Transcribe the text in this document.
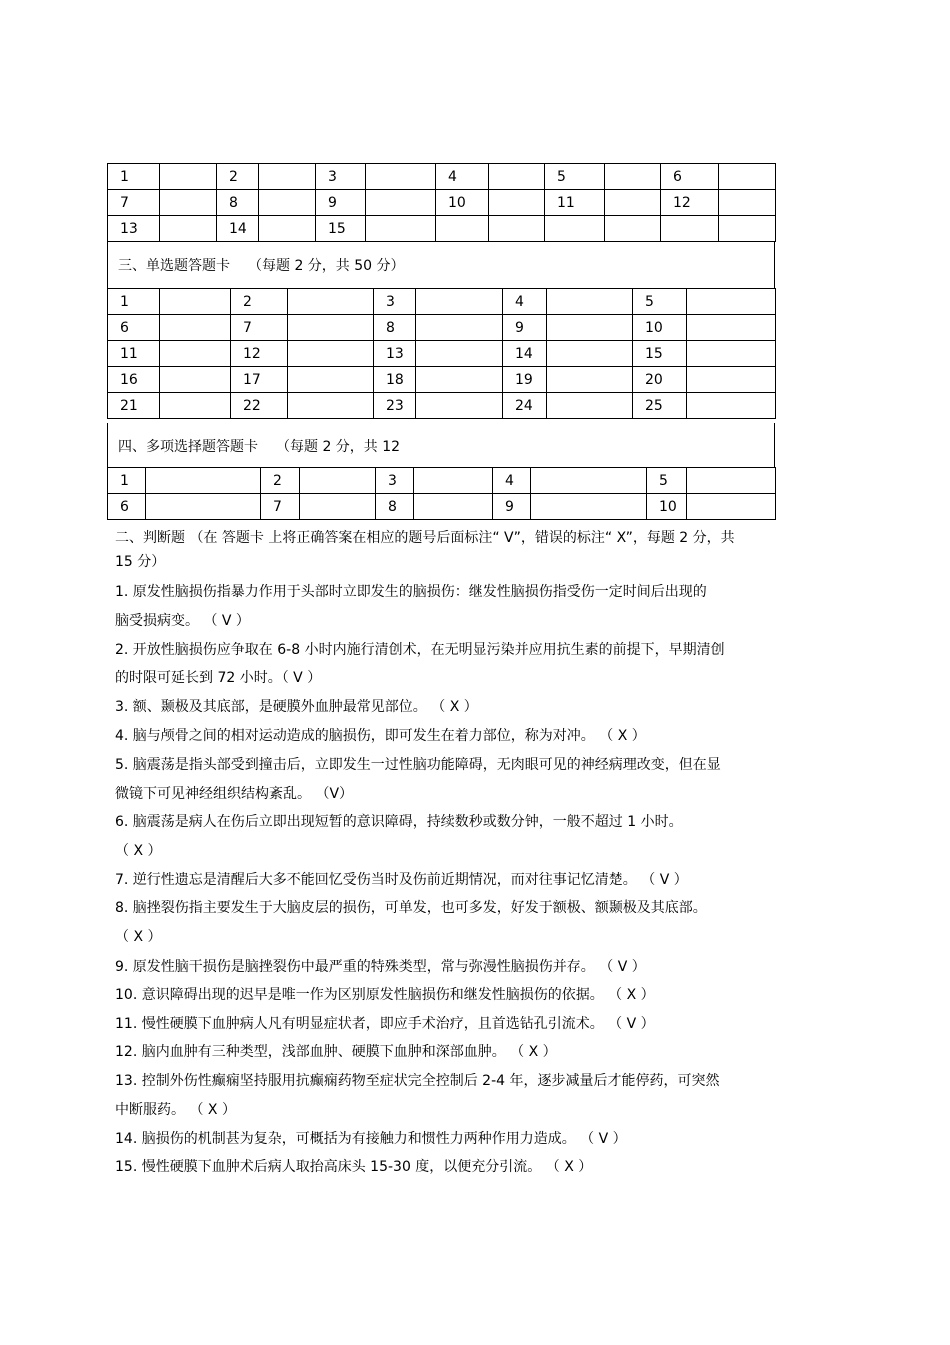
1		2		3		4		5		6	
7		8		9		10		11		12	
13		14		15							
三、单选题答题卡 （每题 2 分，共 50 分）
1		2		3		4		5	
6		7		8		9		10	
11		12		13		14		15	
16		17		18		19		20	
21		22		23		24		25	
四、多项选择题答题卡 （每题 2 分，共 12
1		2		3		4		5	
6		7		8		9		10	
二、判断题 （在 答题卡 上将正确答案在相应的题号后面标注“ V”，错误的标注“ X”，每题 2 分，共
15 分）
1. 原发性脑损伤指暴力作用于头部时立即发生的脑损伤：继发性脑损伤指受伤一定时间后出现的
脑受损病变。 （ V ）
2. 开放性脑损伤应争取在 6-8 小时内施行清创术，在无明显污染并应用抗生素的前提下，早期清创
的时限可延长到 72 小时。（ V ）
3. 额、颞极及其底部，是硬膜外血肿最常见部位。 （ X ）
4. 脑与颅骨之间的相对运动造成的脑损伤，即可发生在着力部位，称为对冲。 （ X ）
5. 脑震荡是指头部受到撞击后，立即发生一过性脑功能障碍，无肉眼可见的神经病理改变，但在显
微镜下可见神经组织结构紊乱。 （V）
6. 脑震荡是病人在伤后立即出现短暂的意识障碍，持续数秒或数分钟，一般不超过 1 小时。
（ X ）
7. 逆行性遗忘是清醒后大多不能回忆受伤当时及伤前近期情况，而对往事记忆清楚。 （ V ）
8. 脑挫裂伤指主要发生于大脑皮层的损伤，可单发，也可多发，好发于额极、额颞极及其底部。
（ X ）
9. 原发性脑干损伤是脑挫裂伤中最严重的特殊类型，常与弥漫性脑损伤并存。 （ V ）
10. 意识障碍出现的迟早是唯一作为区别原发性脑损伤和继发性脑损伤的依据。 （ X ）
11. 慢性硬膜下血肿病人凡有明显症状者，即应手术治疗，且首选钻孔引流术。 （ V ）
12. 脑内血肿有三种类型，浅部血肿、硬膜下血肿和深部血肿。 （ X ）
13. 控制外伤性癫痫坚持服用抗癫痫药物至症状完全控制后 2-4 年，逐步减量后才能停药，可突然
中断服药。 （ X ）
14. 脑损伤的机制甚为复杂，可概括为有接触力和惯性力两种作用力造成。 （ V ）
15. 慢性硬膜下血肿术后病人取抬高床头 15-30 度，以便充分引流。 （ X ）
